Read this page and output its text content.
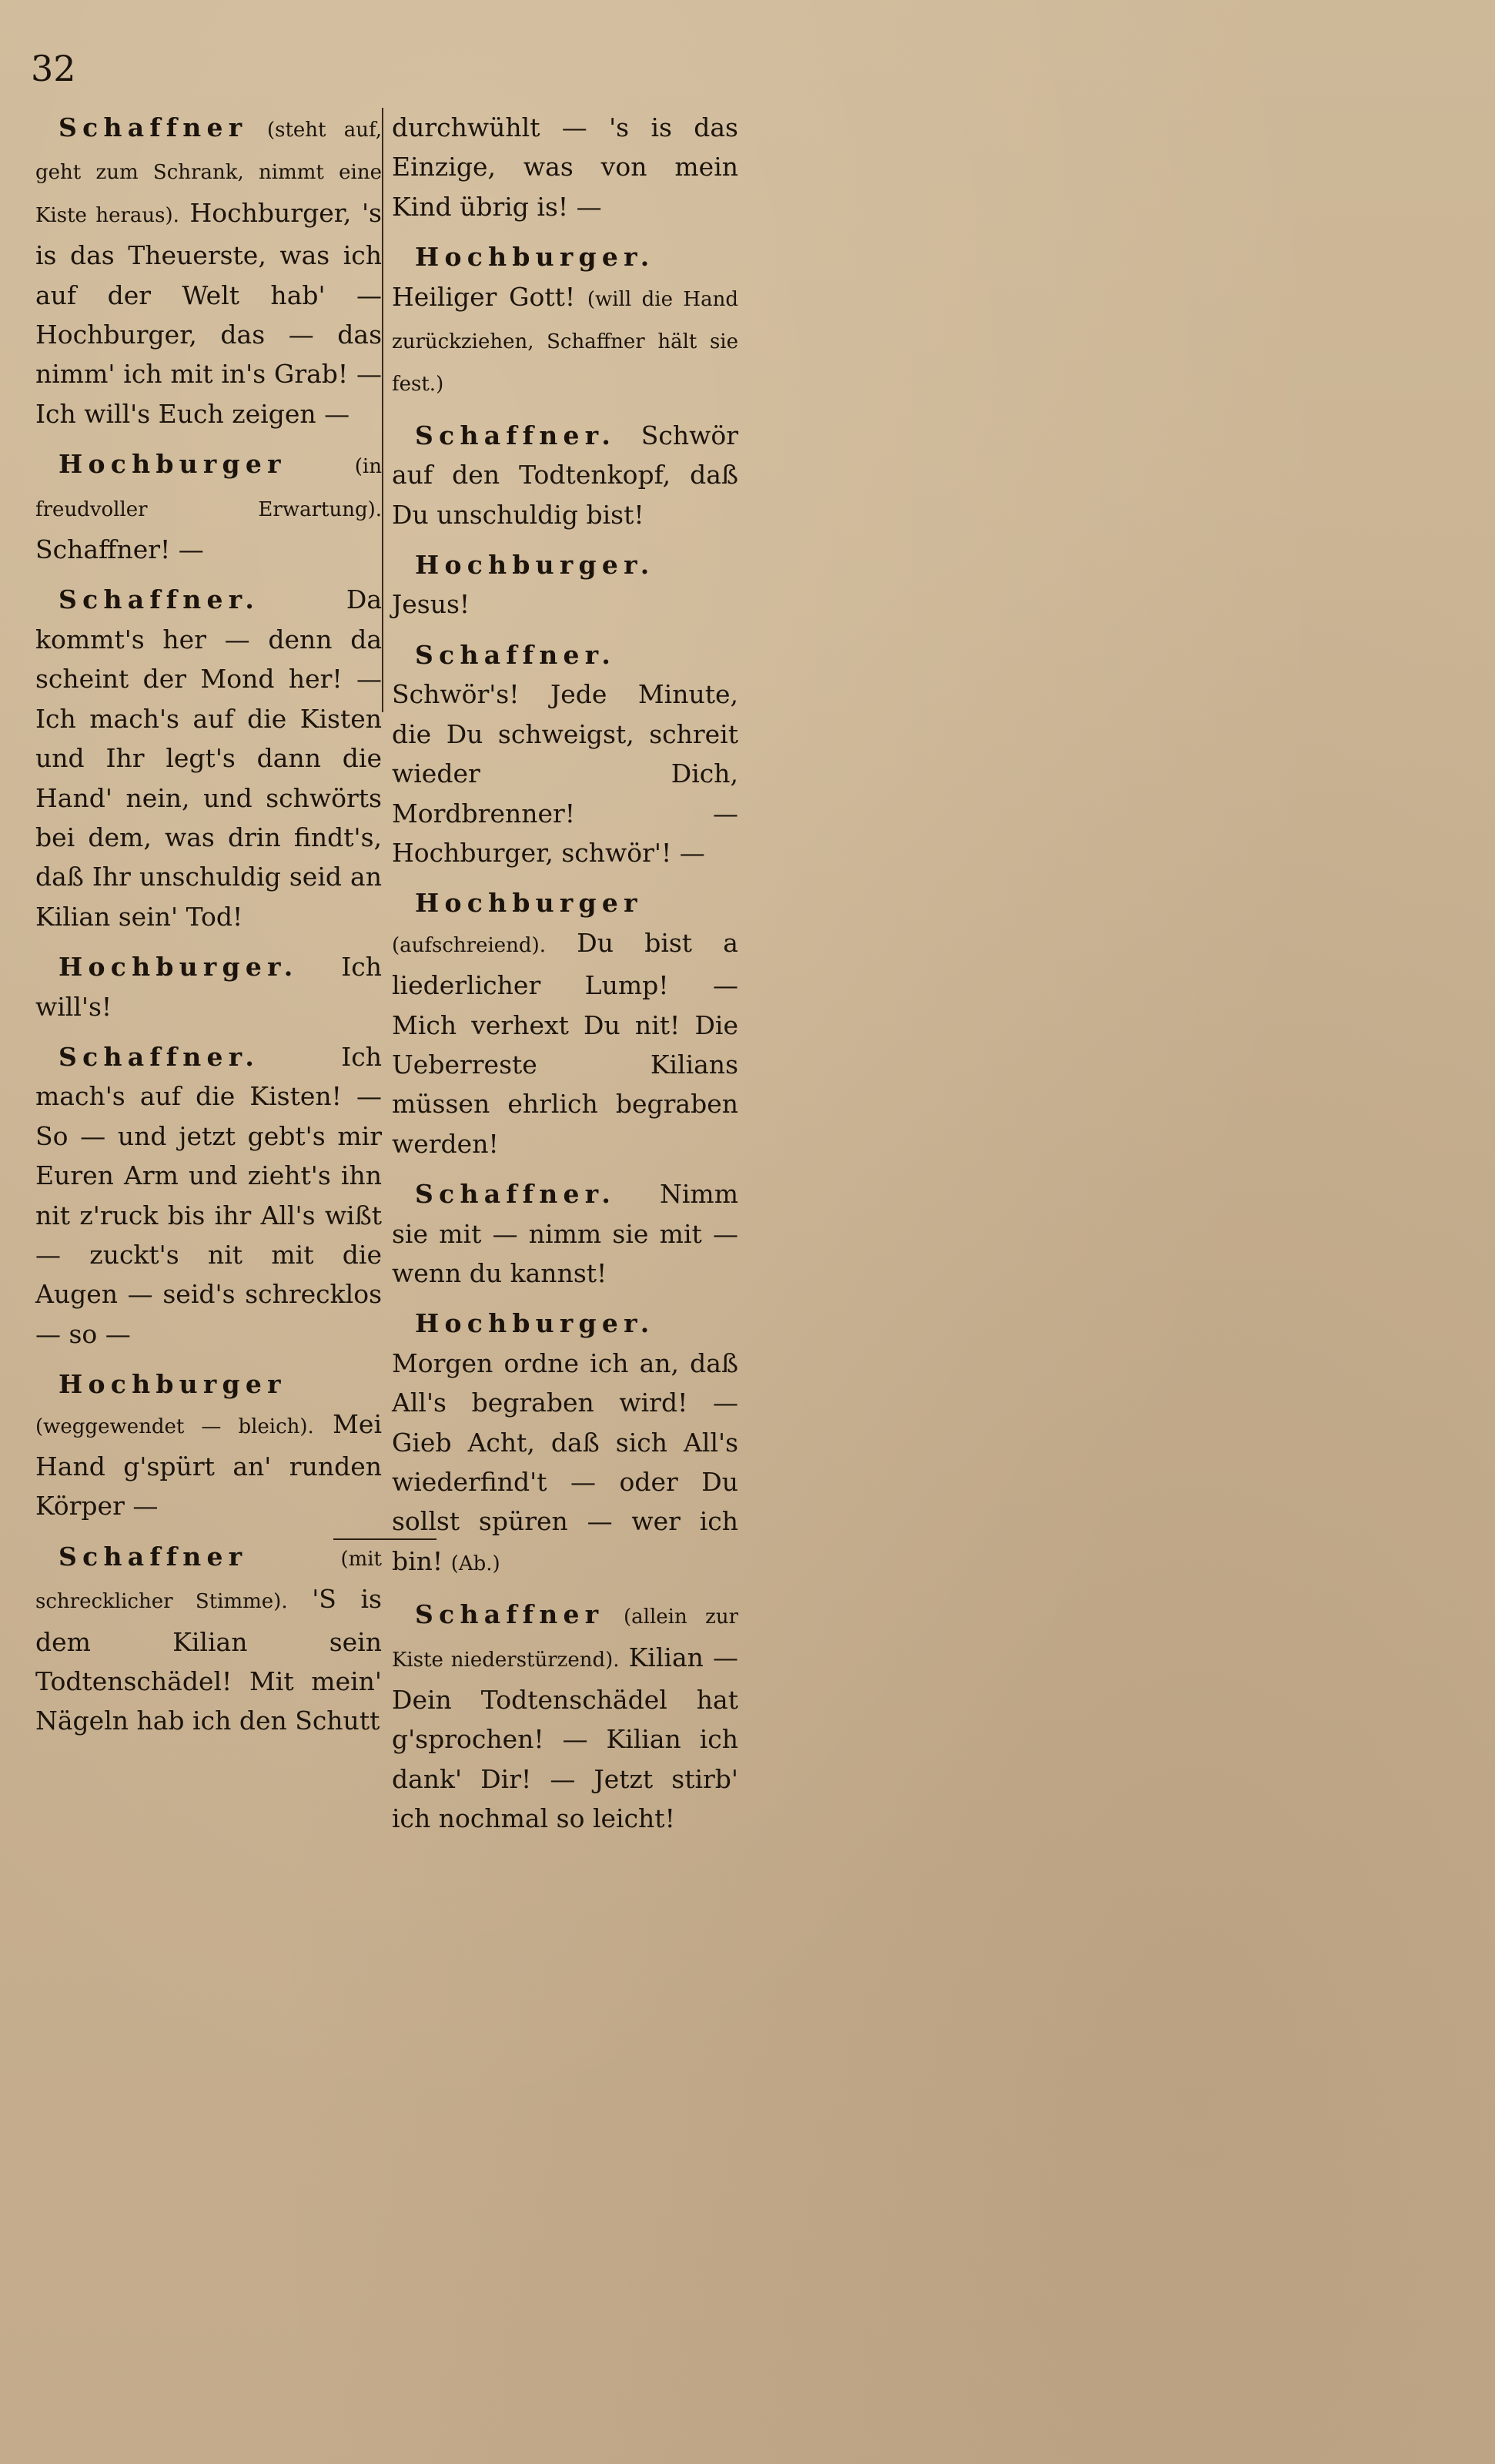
32

Schaffner (steht auf, geht zum Schrank, nimmt eine Kiste heraus). Hochburger, 's is das Theuerste, was ich auf der Welt hab' — Hochburger, das — das nimm' ich mit in's Grab! — Ich will's Euch zeigen —

Hochburger	(in freudvoller Erwartung). Schaffner! —

Schaffner.	Da kommt's her — denn da scheint der Mond her! — Ich mach's auf die Kisten und Ihr legt's dann die Hand' nein, und schwörts bei dem, was drin findt's, daß Ihr unschuldig seid an Kilian sein' Tod!

Hochburger. Ich will's!

Schaffner.	Ich mach's auf die Kisten! — So — und jetzt gebt's mir Euren Arm und zieht's ihn nit z'ruck bis ihr All's wißt — zuckt's nit mit die Augen — seid's schrecklos — so —

Hochburger (weggewendet — bleich). Mei Hand g'spürt an' runden Körper —

Schaffner	(mit schrecklicher Stimme). 'S is dem Kilian sein Todtenschädel! Mit mein' Nägeln hab ich den Schutt

durchwühlt — 's is das Einzige, was von mein Kind übrig is! —

Hochburger. Heiliger Gott! (will die Hand zurückziehen, Schaffner hält sie fest.)

Schaffner. Schwör auf den Todtenkopf, daß Du unschuldig bist!

Hochburger. Jesus!

Schaffner. Schwör's! Jede Minute, die Du schweigst, schreit wieder Dich, Mordbrenner! — Hochburger, schwör'! —

Hochburger (aufschreiend). Du bist a liederlicher Lump! — Mich verhext Du nit! Die Ueberreste Kilians müssen ehrlich begraben werden!

Schaffner. Nimm sie mit — nimm sie mit — wenn du kannst!

Hochburger. Morgen ordne ich an, daß All's begraben wird! — Gieb Acht, daß sich All's wiederfind't — oder Du sollst spüren — wer ich bin! (Ab.)

Schaffner (allein zur Kiste niederstürzend). Kilian — Dein Todtenschädel hat g'sprochen! — Kilian ich dank' Dir! — Jetzt stirb' ich nochmal so leicht!
